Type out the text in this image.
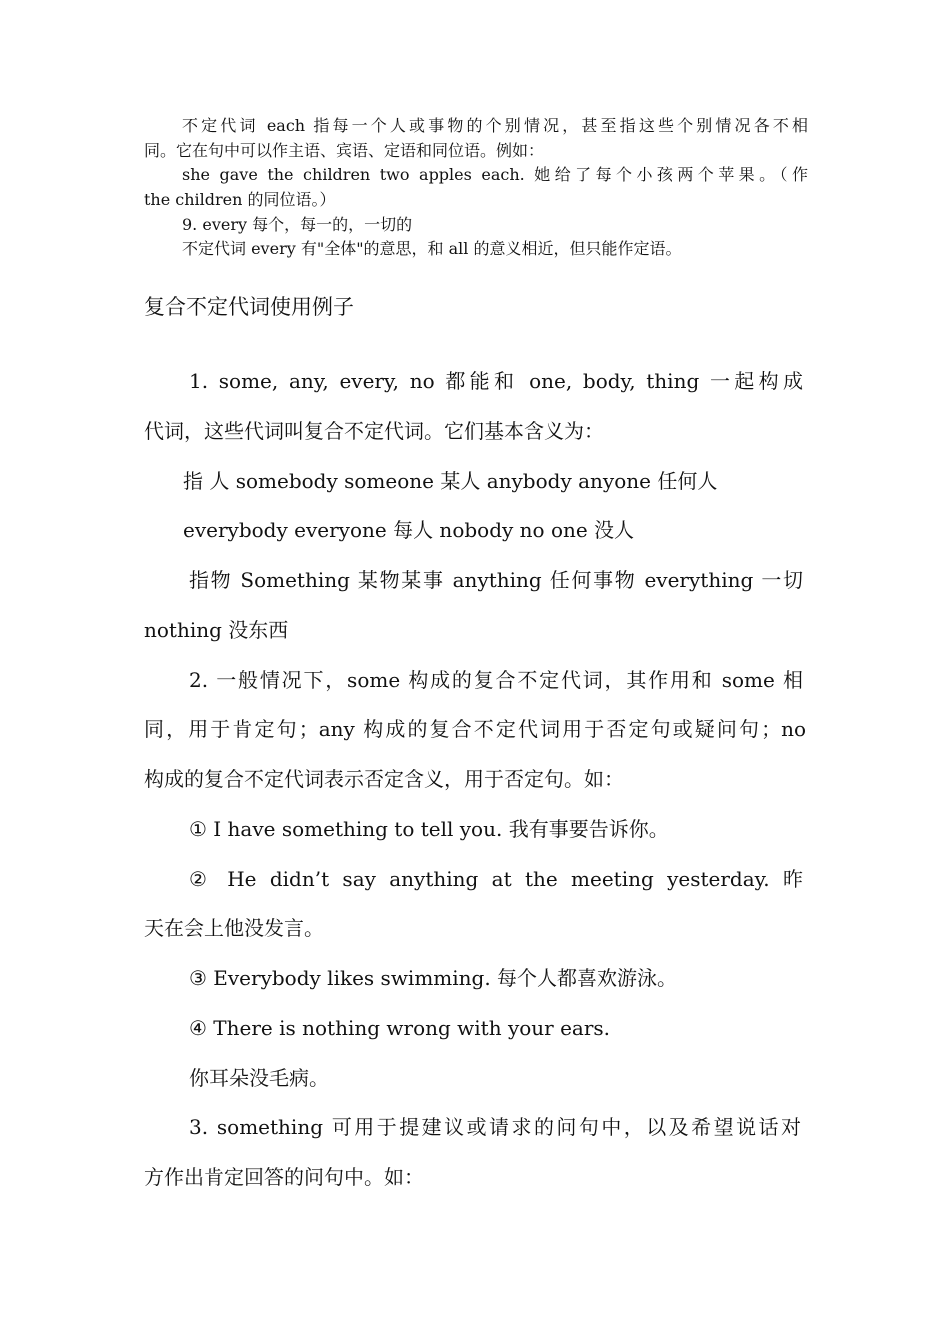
不定代词 each 指每一个人或事物的个别情况，甚至指这些个别情况各不相
同。它在句中可以作主语、宾语、定语和同位语。例如：
she gave the children two apples each. 她给了每个小孩两个苹果。（作
the children 的同位语。）
9. every 每个，每一的，一切的
不定代词 every 有"全体"的意思，和 all 的意义相近，但只能作定语。
复合不定代词使用例子
1. some, any, every, no 都能和 one, body, thing 一起构成
代词，这些代词叫复合不定代词。它们基本含义为：
指 人 somebody someone 某人 anybody anyone 任何人
everybody everyone 每人 nobody no one 没人
指物 Something 某物某事 anything 任何事物 everything 一切
nothing 没东西
2. 一般情况下，some 构成的复合不定代词，其作用和 some 相
同，用于肯定句；any 构成的复合不定代词用于否定句或疑问句；no
构成的复合不定代词表示否定含义，用于否定句。如：
① I have something to tell you. 我有事要告诉你。
② He didn’t say anything at the meeting yesterday. 昨
天在会上他没发言。
③ Everybody likes swimming. 每个人都喜欢游泳。
④ There is nothing wrong with your ears.
你耳朵没毛病。
3. something 可用于提建议或请求的问句中，以及希望说话对
方作出肯定回答的问句中。如：
